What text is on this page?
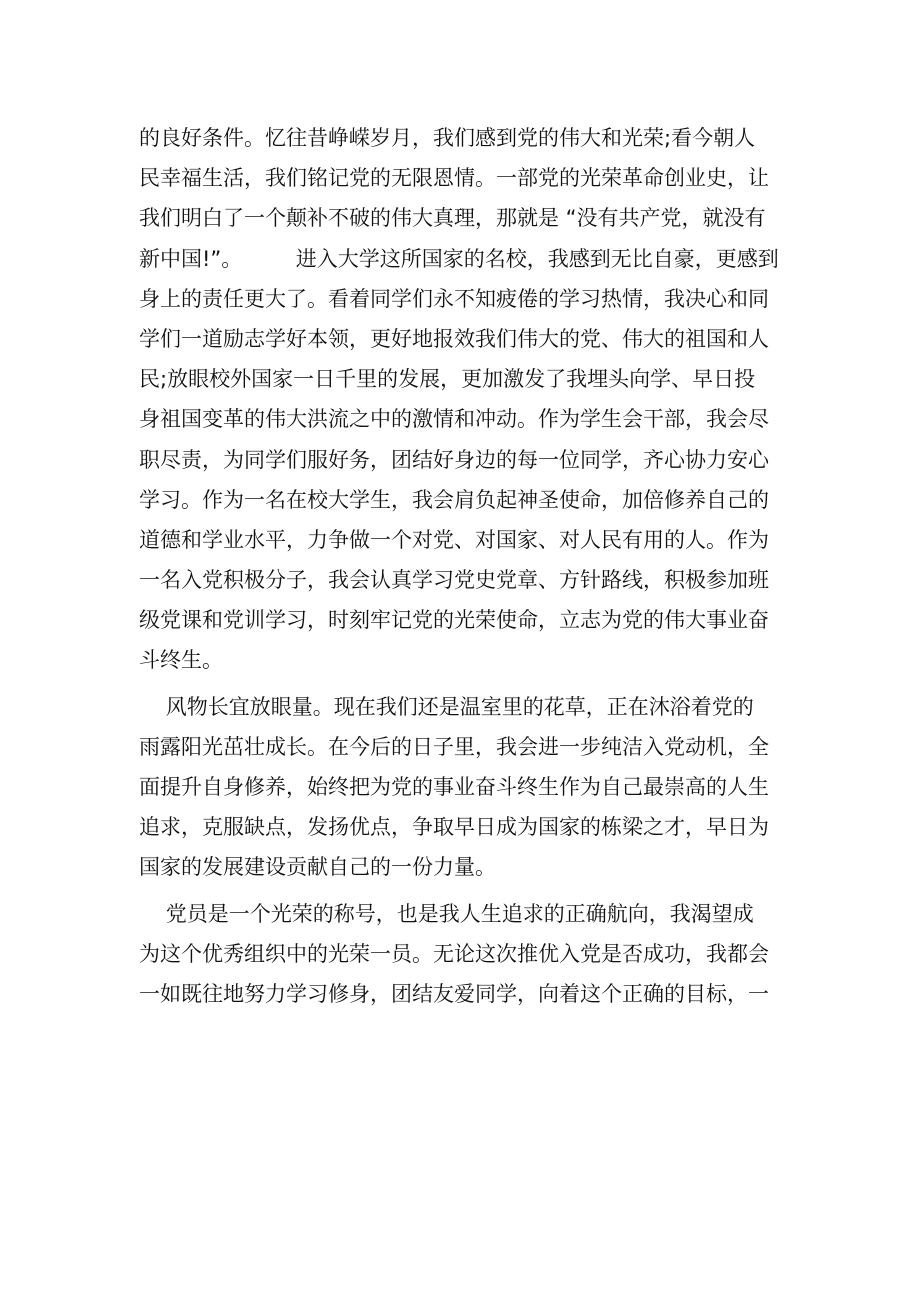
的良好条件。忆往昔峥嵘岁月，我们感到党的伟大和光荣;看今朝人
民幸福生活，我们铭记党的无限恩情。一部党的光荣革命创业史，让
我们明白了一个颠补不破的伟大真理，那就是 “没有共产党，就没有
新中国!”。        进入大学这所国家的名校，我感到无比自豪，更感到
身上的责任更大了。看着同学们永不知疲倦的学习热情，我决心和同
学们一道励志学好本领，更好地报效我们伟大的党、伟大的祖国和人
民;放眼校外国家一日千里的发展，更加激发了我埋头向学、早日投
身祖国变革的伟大洪流之中的激情和冲动。作为学生会干部，我会尽
职尽责，为同学们服好务，团结好身边的每一位同学，齐心协力安心
学习。作为一名在校大学生，我会肩负起神圣使命，加倍修养自己的
道德和学业水平，力争做一个对党、对国家、对人民有用的人。作为
一名入党积极分子，我会认真学习党史党章、方针路线，积极参加班
级党课和党训学习，时刻牢记党的光荣使命，立志为党的伟大事业奋
斗终生。
风物长宜放眼量。现在我们还是温室里的花草，正在沐浴着党的
雨露阳光茁壮成长。在今后的日子里，我会进一步纯洁入党动机，全
面提升自身修养，始终把为党的事业奋斗终生作为自己最崇高的人生
追求，克服缺点，发扬优点，争取早日成为国家的栋梁之才，早日为
国家的发展建设贡献自己的一份力量。
党员是一个光荣的称号，也是我人生追求的正确航向，我渴望成
为这个优秀组织中的光荣一员。无论这次推优入党是否成功，我都会
一如既往地努力学习修身，团结友爱同学，向着这个正确的目标，一
